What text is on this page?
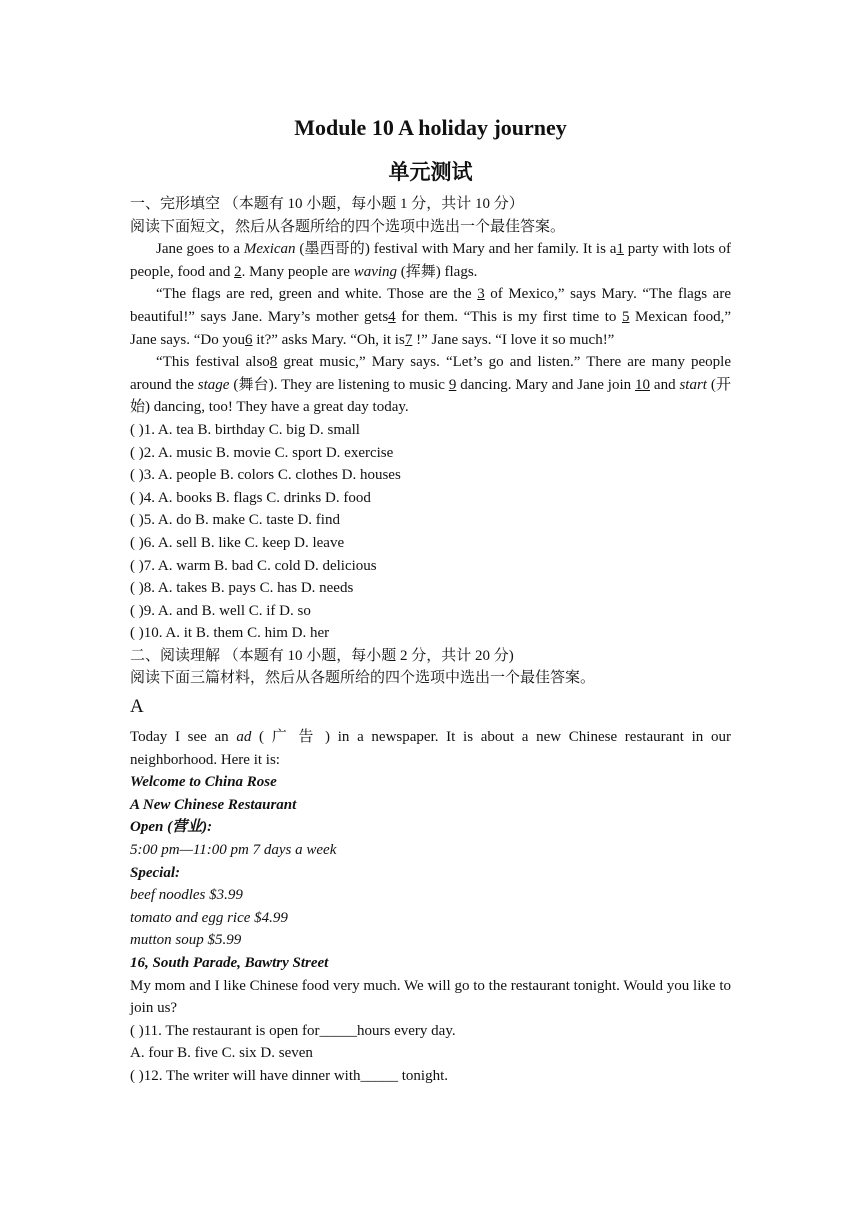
Module 10 A holiday journey
单元测试
一、完形填空 （本题有 10 小题，每小题 1 分，共计 10 分）
阅读下面短文，然后从各题所给的四个选项中选出一个最佳答案。
Jane goes to a Mexican (墨西哥的) festival with Mary and her family. It is a1 party with lots of people, food and 2. Many people are waving (挥舞) flags.
“The flags are red, green and white. Those are the 3 of Mexico,” says Mary. “The flags are beautiful!” says Jane. Mary’s mother gets4 for them. “This is my first time to 5 Mexican food,” Jane says. “Do you6 it?” asks Mary. “Oh, it is7 !” Jane says. “I love it so much!”
“This festival also8 great music,” Mary says. “Let’s go and listen.” There are many people around the stage (舞台). They are listening to music 9 dancing. Mary and Jane join 10 and start (开始) dancing, too! They have a great day today.
( )1. A. tea B. birthday C. big D. small
( )2. A. music B. movie C. sport D. exercise
( )3. A. people B. colors C. clothes D. houses
( )4. A. books B. flags C. drinks D. food
( )5. A. do B. make C. taste D. find
( )6. A. sell B. like C. keep D. leave
( )7. A. warm B. bad C. cold D. delicious
( )8. A. takes B. pays C. has D. needs
( )9. A. and B. well C. if D. so
( )10. A. it B. them C. him D. her
二、阅读理解 （本题有 10 小题，每小题 2 分，共计 20 分)
阅读下面三篇材料，然后从各题所给的四个选项中选出一个最佳答案。
A
Today I see an ad ( 广 告 ) in a newspaper. It is about a new Chinese restaurant in our neighborhood. Here it is:
Welcome to China Rose
A New Chinese Restaurant
Open (营业):
5:00 pm—11:00 pm 7 days a week
Special:
beef noodles $3.99
tomato and egg rice $4.99
mutton soup $5.99
16, South Parade, Bawtry Street
My mom and I like Chinese food very much. We will go to the restaurant tonight. Would you like to join us?
( )11. The restaurant is open for_____hours every day.
A. four B. five C. six D. seven
( )12. The writer will have dinner with_____ tonight.
